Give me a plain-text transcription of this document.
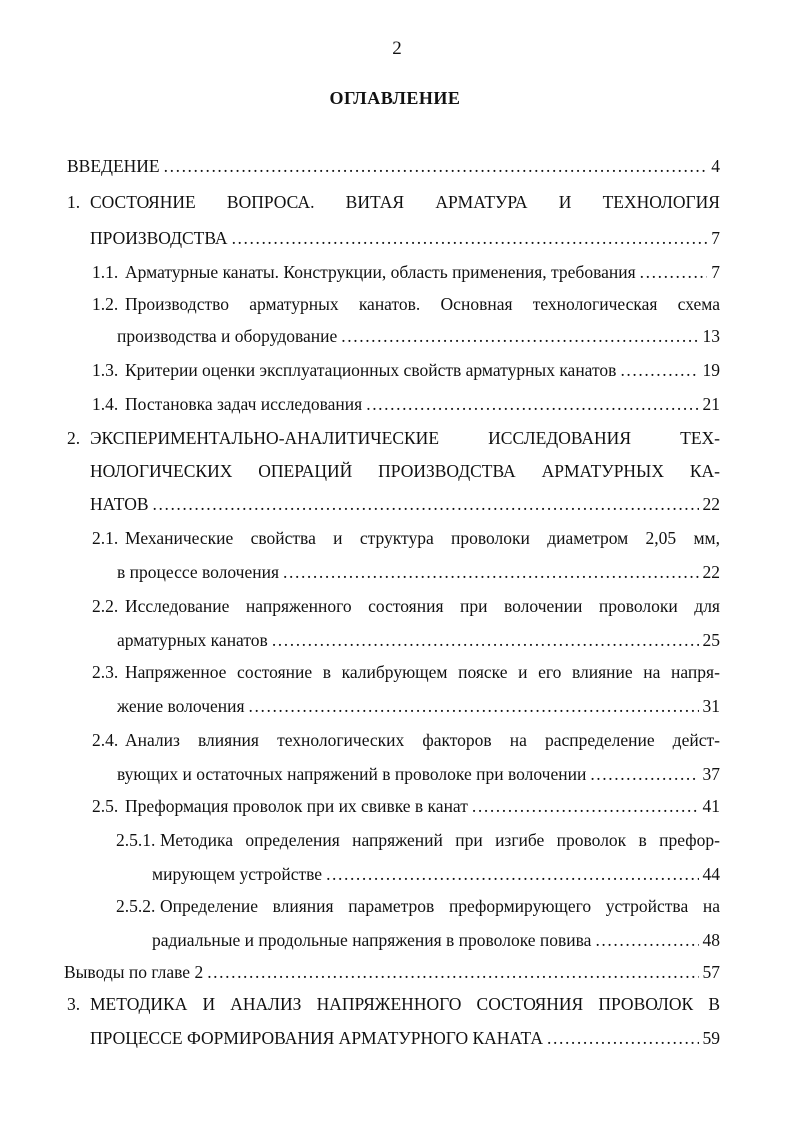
2
ОГЛАВЛЕНИЕ
ВВЕДЕНИЕ .....	4
1. СОСТОЯНИЕ ВОПРОСА. ВИТАЯ АРМАТУРА И ТЕХНОЛОГИЯ
ПРОИЗВОДСТВА .....	7
1.1. Арматурные канаты. Конструкции, область применения, требования .....	7
1.2. Производство арматурных канатов. Основная технологическая схема
производства и оборудование .....	13
1.3. Критерии оценки эксплуатационных свойств арматурных канатов .....	19
1.4. Постановка задач исследования .....	21
2. ЭКСПЕРИМЕНТАЛЬНО-АНАЛИТИЧЕСКИЕ	ИССЛЕДОВАНИЯ	ТЕХ-
НОЛОГИЧЕСКИХ ОПЕРАЦИЙ ПРОИЗВОДСТВА АРМАТУРНЫХ КА-
НАТОВ .....	22
2.1. Механические свойства и структура проволоки диаметром 2,05 мм,
в процессе волочения .....	22
2.2. Исследование напряженного состояния при волочении проволоки для
арматурных канатов .....	25
2.3. Напряженное состояние в калибрующем пояске и его влияние на напря-
жение волочения .....	31
2.4. Анализ влияния технологических факторов на распределение дейст-
вующих и остаточных напряжений в проволоке при волочении .....	37
2.5. Преформация проволок при их свивке в канат .....	41
2.5.1. Методика определения напряжений при изгибе проволок в префор-
мирующем устройстве .....	44
2.5.2. Определение влияния параметров преформирующего устройства на
радиальные и продольные напряжения в проволоке повива .....	48
Выводы по главе 2 .....	57
3. МЕТОДИКА И АНАЛИЗ НАПРЯЖЕННОГО СОСТОЯНИЯ ПРОВОЛОК В
ПРОЦЕССЕ ФОРМИРОВАНИЯ АРМАТУРНОГО КАНАТА .....	59
